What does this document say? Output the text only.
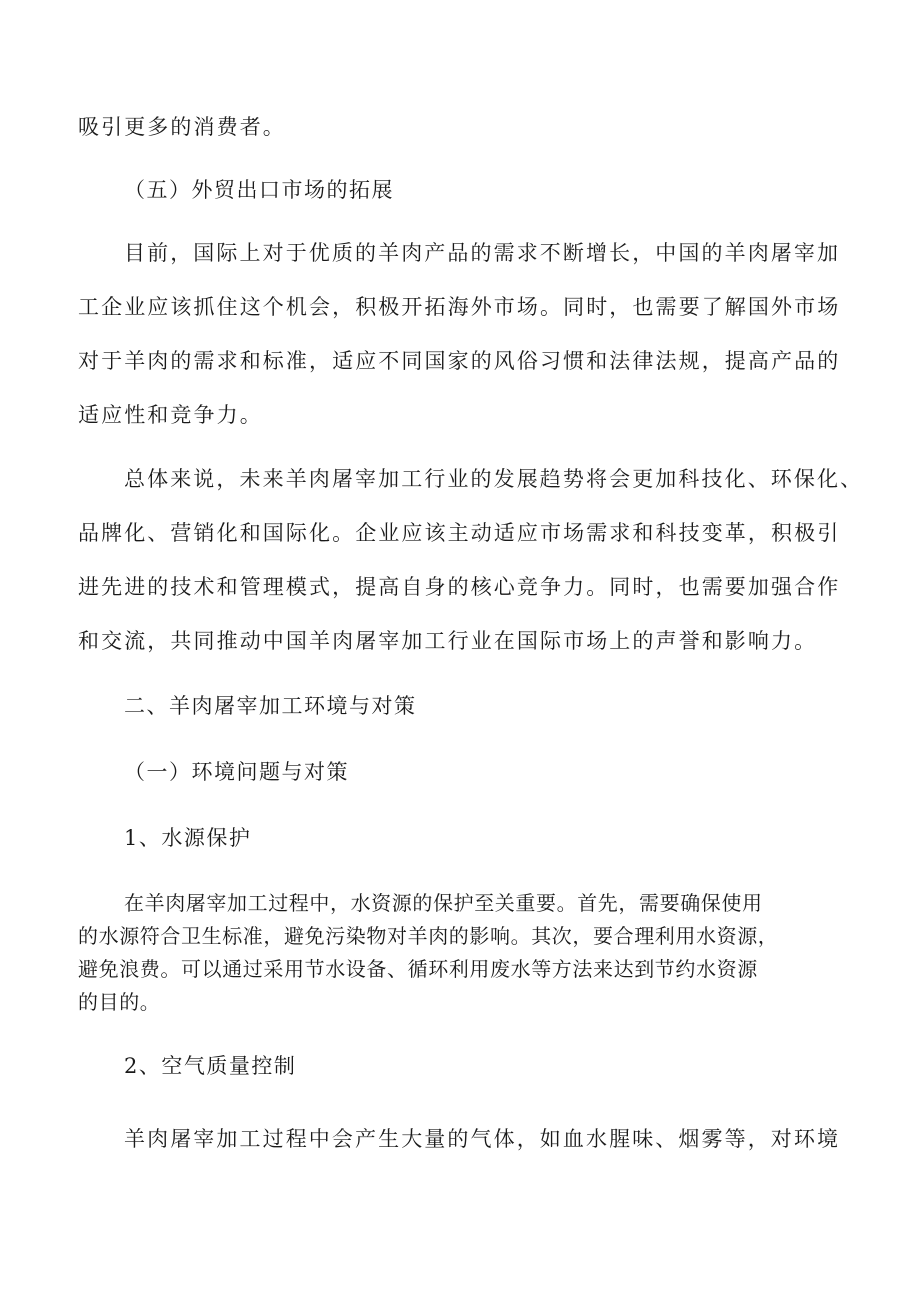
吸引更多的消费者。

（五）外贸出口市场的拓展

目前，国际上对于优质的羊肉产品的需求不断增长，中国的羊肉屠宰加

工企业应该抓住这个机会，积极开拓海外市场。同时，也需要了解国外市场

对于羊肉的需求和标准，适应不同国家的风俗习惯和法律法规，提高产品的

适应性和竞争力。

总体来说，未来羊肉屠宰加工行业的发展趋势将会更加科技化、环保化、

品牌化、营销化和国际化。企业应该主动适应市场需求和科技变革，积极引

进先进的技术和管理模式，提高自身的核心竞争力。同时，也需要加强合作

和交流，共同推动中国羊肉屠宰加工行业在国际市场上的声誉和影响力。

二、羊肉屠宰加工环境与对策

（一）环境问题与对策

1、水源保护

在羊肉屠宰加工过程中，水资源的保护至关重要。首先，需要确保使用

的水源符合卫生标准，避免污染物对羊肉的影响。其次，要合理利用水资源，

避免浪费。可以通过采用节水设备、循环利用废水等方法来达到节约水资源

的目的。

2、空气质量控制

羊肉屠宰加工过程中会产生大量的气体，如血水腥味、烟雾等，对环境
